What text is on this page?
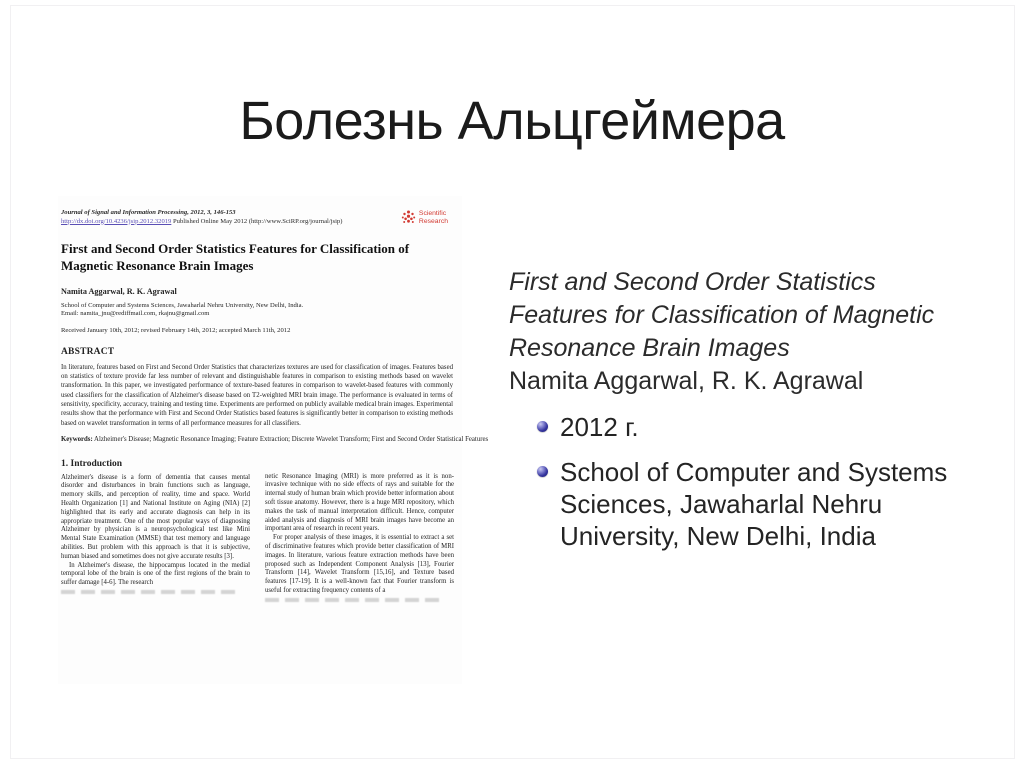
Болезнь Альцгеймера
Journal of Signal and Information Processing, 2012, 3, 146-153
http://dx.doi.org/10.4236/jsip.2012.32019 Published Online May 2012 (http://www.SciRP.org/journal/jsip)
Scientific
Research
First and Second Order Statistics Features for Classification of Magnetic Resonance Brain Images
Namita Aggarwal, R. K. Agrawal
School of Computer and Systems Sciences, Jawaharlal Nehru University, New Delhi, India.
Email: namita_jnu@rediffmail.com, rkajnu@gmail.com
Received January 10th, 2012; revised February 14th, 2012; accepted March 11th, 2012
ABSTRACT
In literature, features based on First and Second Order Statistics that characterizes textures are used for classification of images. Features based on statistics of texture provide far less number of relevant and distinguishable features in comparison to existing methods based on wavelet transformation. In this paper, we investigated performance of texture-based features in comparison to wavelet-based features with commonly used classifiers for the classification of Alzheimer's disease based on T2-weighted MRI brain image. The performance is evaluated in terms of sensitivity, specificity, accuracy, training and testing time. Experiments are performed on publicly available medical brain images. Experimental results show that the performance with First and Second Order Statistics based features is significantly better in comparison to existing methods based on wavelet transformation in terms of all performance measures for all classifiers.
Keywords: Alzheimer's Disease; Magnetic Resonance Imaging; Feature Extraction; Discrete Wavelet Transform; First and Second Order Statistical Features
1. Introduction

Alzheimer's disease is a form of dementia that causes mental disorder and disturbances in brain functions such as language, memory skills, and perception of reality, time and space. World Health Organization [1] and National Institute on Aging (NIA) [2] highlighted that its early and accurate diagnosis can help in its appropriate treatment. One of the most popular ways of diagnosing Alzheimer by physician is a neuropsychological test like Mini Mental State Examination (MMSE) that test memory and language abilities. But problem with this approach is that it is subjective, human biased and sometimes does not give accurate results [3].

In Alzheimer's disease, the hippocampus located in the medial temporal lobe of the brain is one of the first regions of the brain to suffer damage [4-6]. The research

netic Resonance Imaging (MRI) is more preferred as it is non-invasive technique with no side effects of rays and suitable for the internal study of human brain which provide better information about soft tissue anatomy. However, there is a huge MRI repository, which makes the task of manual interpretation difficult. Hence, computer aided analysis and diagnosis of MRI brain images have become an important area of research in recent years.

For proper analysis of these images, it is essential to extract a set of discriminative features which provide better classification of MRI images. In literature, various feature extraction methods have been proposed such as Independent Component Analysis [13], Fourier Transform [14], Wavelet Transform [15,16], and Texture based features [17-19]. It is a well-known fact that Fourier transform is useful for extracting frequency contents of a

First and Second Order Statistics
Features for Classification of Magnetic
Resonance Brain Images
Namita Aggarwal, R. K. Agrawal
2012 г.
School of Computer and Systems
Sciences, Jawaharlal Nehru
University, New Delhi, India
